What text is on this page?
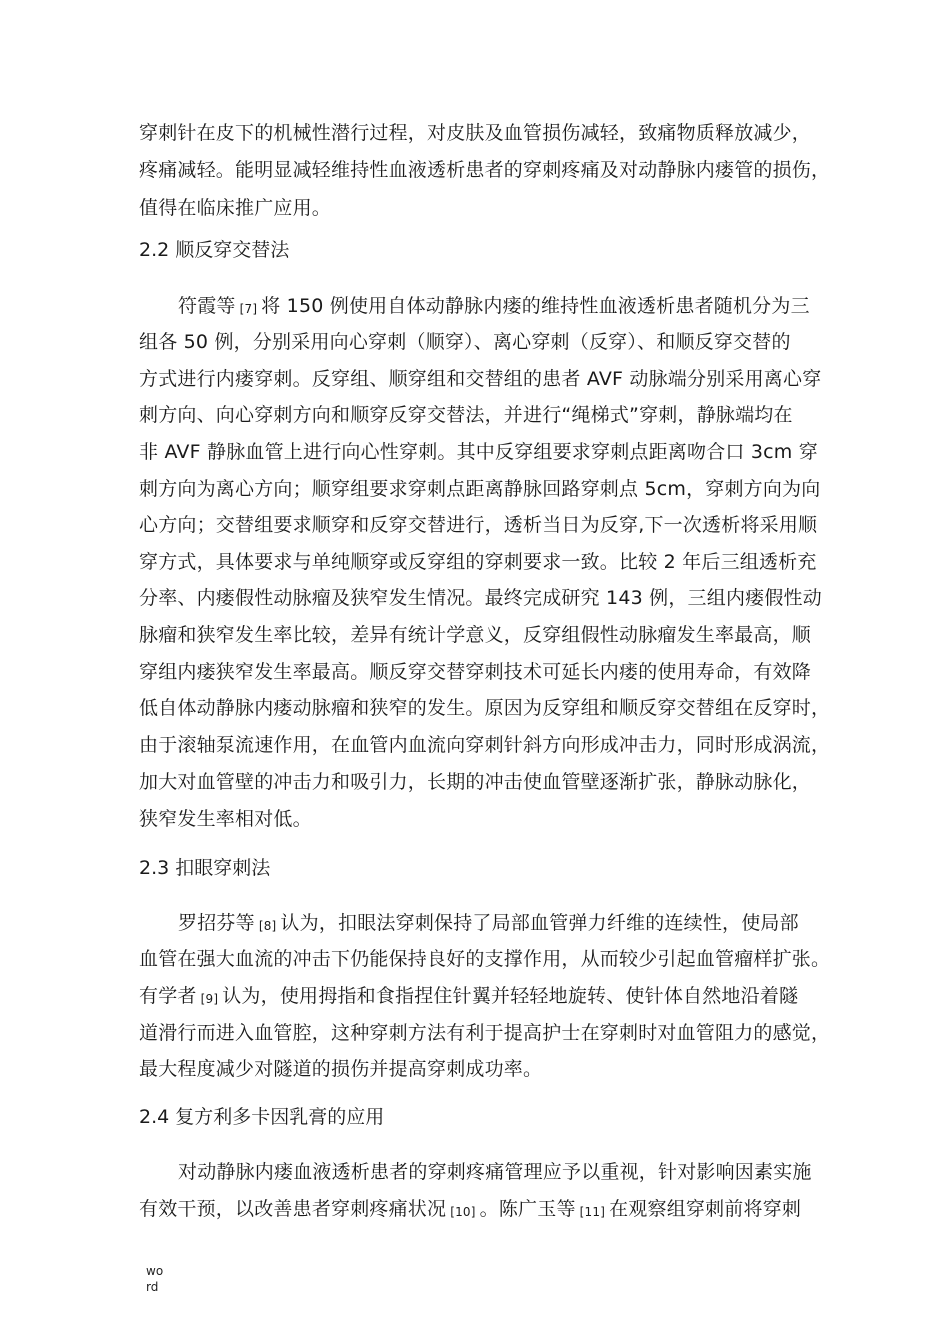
穿刺针在皮下的机械性潜行过程，对皮肤及血管损伤减轻，致痛物质释放减少，
疼痛减轻。能明显减轻维持性血液透析患者的穿刺疼痛及对动静脉内瘘管的损伤，
值得在临床推广应用。
2.2 顺反穿交替法
符霞等 [7] 将 150 例使用自体动静脉内瘘的维持性血液透析患者随机分为三
组各 50 例，分别采用向心穿刺（顺穿）、离心穿刺（反穿）、和顺反穿交替的
方式进行内瘘穿刺。反穿组、顺穿组和交替组的患者 AVF 动脉端分别采用离心穿
刺方向、向心穿刺方向和顺穿反穿交替法，并进行“绳梯式”穿刺，静脉端均在
非 AVF 静脉血管上进行向心性穿刺。其中反穿组要求穿刺点距离吻合口 3cm 穿
刺方向为离心方向；顺穿组要求穿刺点距离静脉回路穿刺点 5cm，穿刺方向为向
心方向；交替组要求顺穿和反穿交替进行，透析当日为反穿,下一次透析将采用顺
穿方式，具体要求与单纯顺穿或反穿组的穿刺要求一致。比较 2 年后三组透析充
分率、内瘘假性动脉瘤及狭窄发生情况。最终完成研究 143 例，三组内瘘假性动
脉瘤和狭窄发生率比较，差异有统计学意义，反穿组假性动脉瘤发生率最高，顺
穿组内瘘狭窄发生率最高。顺反穿交替穿刺技术可延长内瘘的使用寿命，有效降
低自体动静脉内瘘动脉瘤和狭窄的发生。原因为反穿组和顺反穿交替组在反穿时，
由于滚轴泵流速作用，在血管内血流向穿刺针斜方向形成冲击力，同时形成涡流，
加大对血管壁的冲击力和吸引力，长期的冲击使血管壁逐渐扩张，静脉动脉化，
狭窄发生率相对低。
2.3 扣眼穿刺法
罗招芬等 [8] 认为，扣眼法穿刺保持了局部血管弹力纤维的连续性，使局部
血管在强大血流的冲击下仍能保持良好的支撑作用，从而较少引起血管瘤样扩张。
有学者 [9] 认为，使用拇指和食指捏住针翼并轻轻地旋转、使针体自然地沿着隧
道滑行而进入血管腔，这种穿刺方法有利于提高护士在穿刺时对血管阻力的感觉，
最大程度减少对隧道的损伤并提高穿刺成功率。
2.4 复方利多卡因乳膏的应用
对动静脉内瘘血液透析患者的穿刺疼痛管理应予以重视，针对影响因素实施
有效干预，以改善患者穿刺疼痛状况 [10] 。陈广玉等 [11] 在观察组穿刺前将穿刺
wo
rd
